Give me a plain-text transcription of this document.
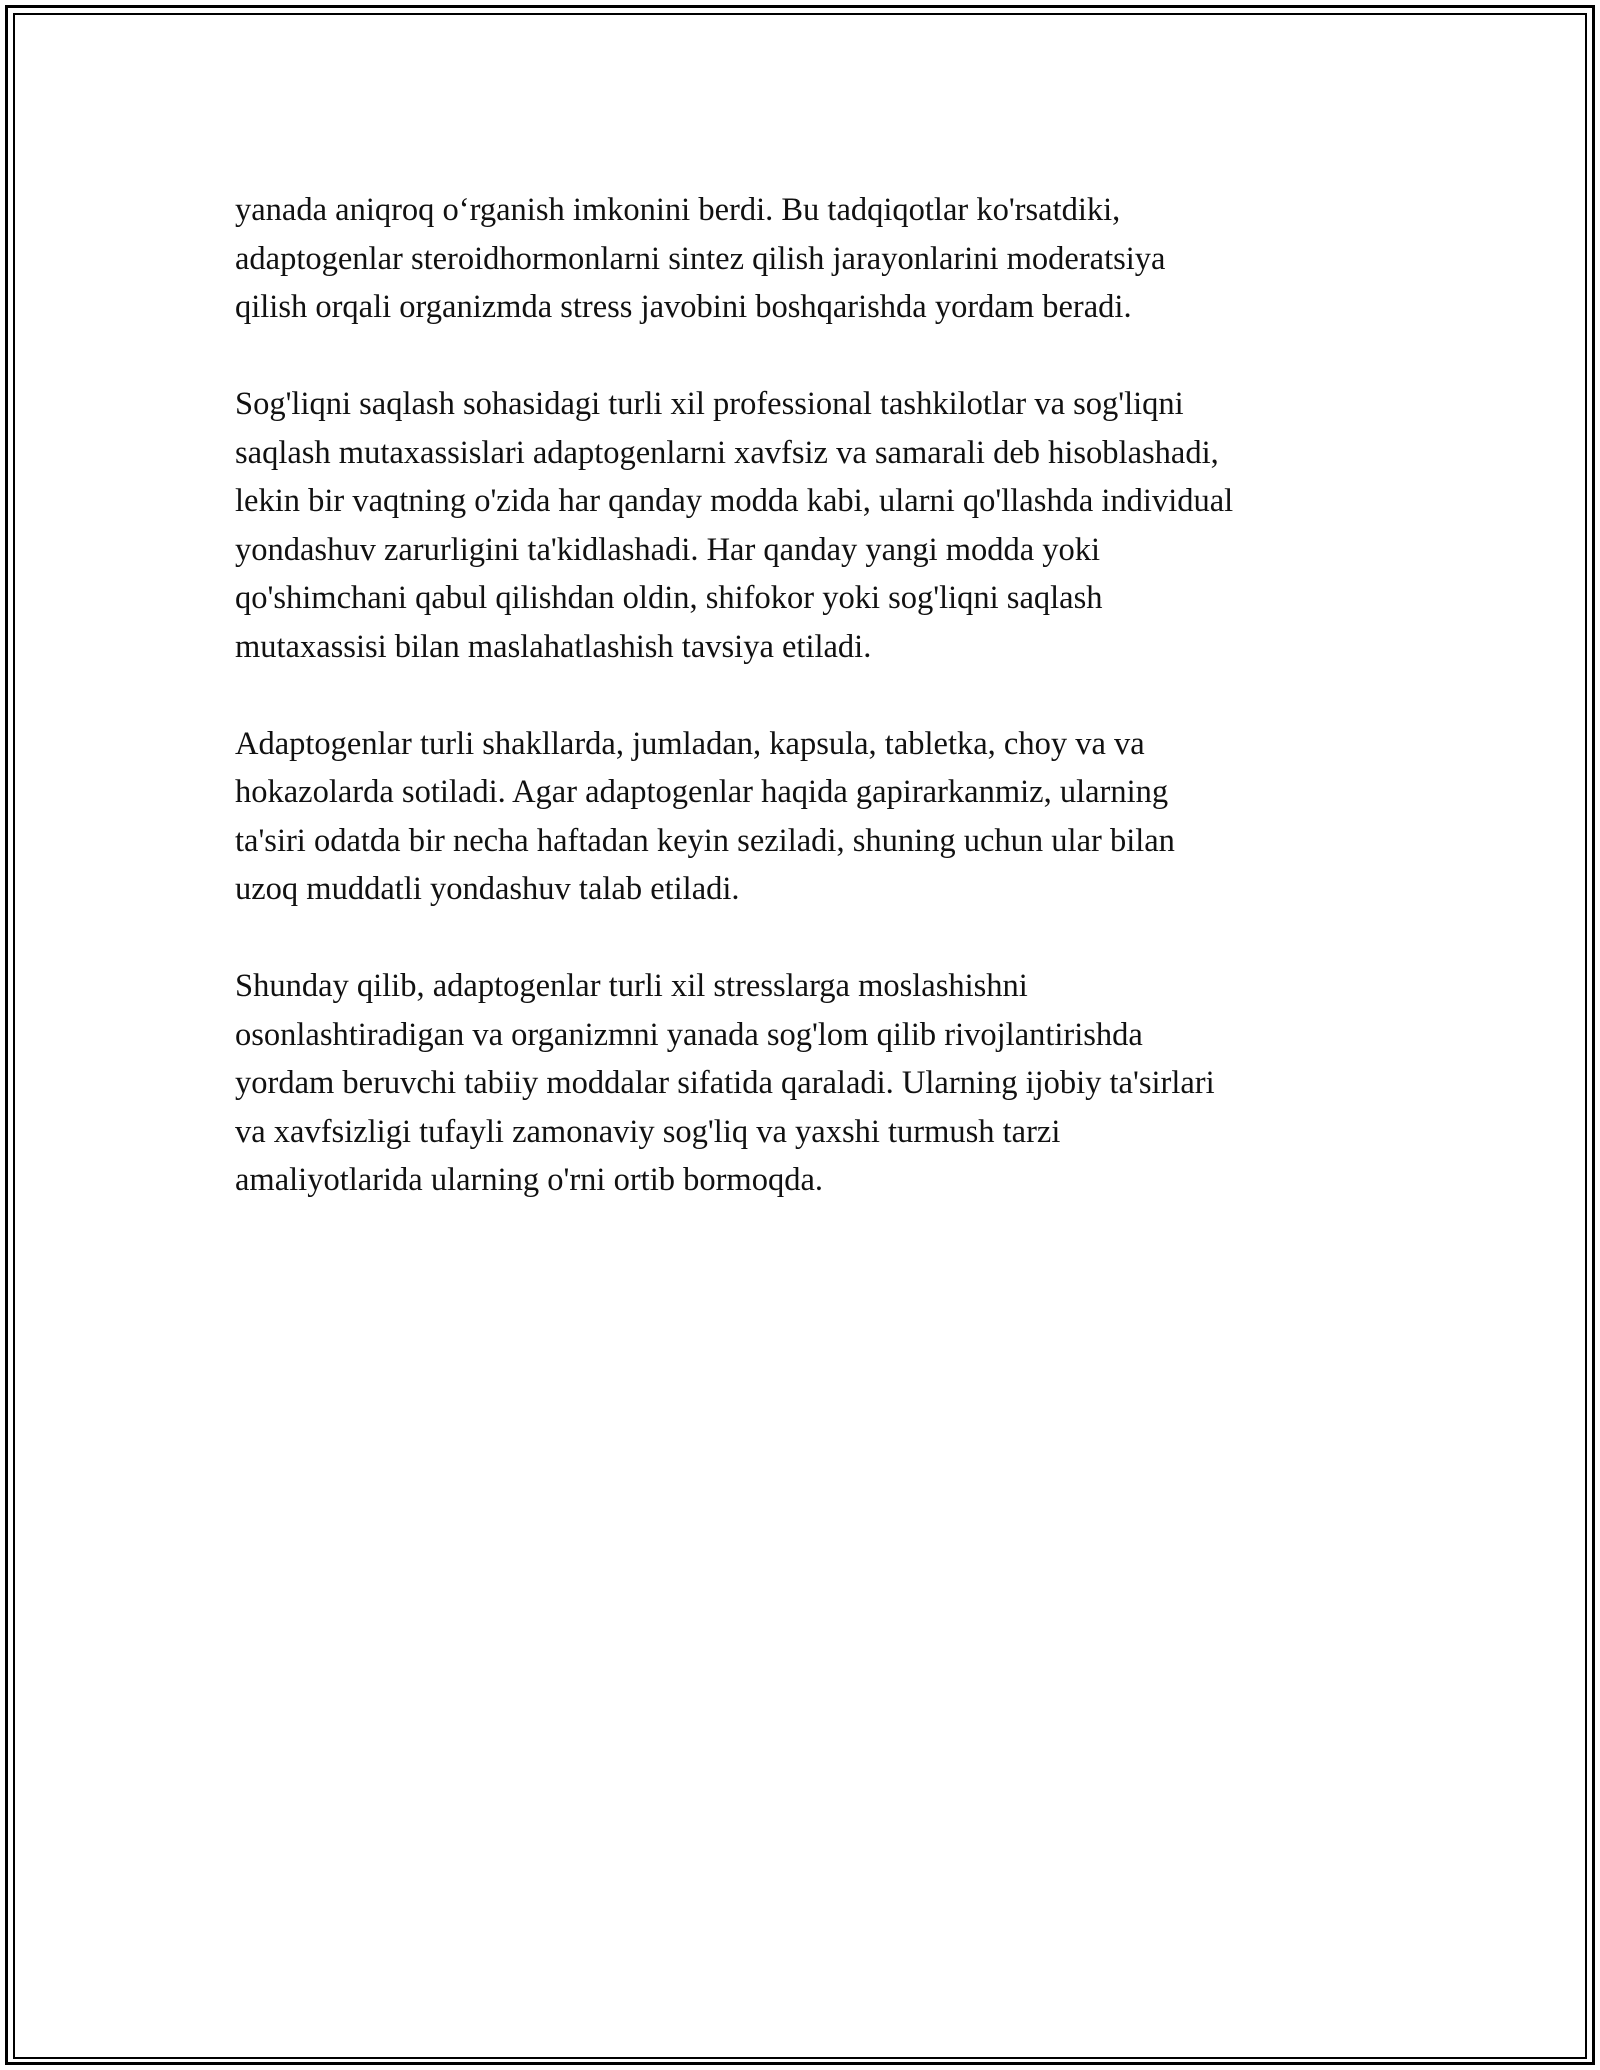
yanada aniqroq o‘rganish imkonini berdi. Bu tadqiqotlar ko'rsatdiki,
adaptogenlar steroidhormonlarni sintez qilish jarayonlarini moderatsiya
qilish orqali organizmda stress javobini boshqarishda yordam beradi.

Sog'liqni saqlash sohasidagi turli xil professional tashkilotlar va sog'liqni
saqlash mutaxassislari adaptogenlarni xavfsiz va samarali deb hisoblashadi,
lekin bir vaqtning o'zida har qanday modda kabi, ularni qo'llashda individual
yondashuv zarurligini ta'kidlashadi. Har qanday yangi modda yoki
qo'shimchani qabul qilishdan oldin, shifokor yoki sog'liqni saqlash
mutaxassisi bilan maslahatlashish tavsiya etiladi.

Adaptogenlar turli shakllarda, jumladan, kapsula, tabletka, choy va va
hokazolarda sotiladi. Agar adaptogenlar haqida gapirarkanmiz, ularning
ta'siri odatda bir necha haftadan keyin seziladi, shuning uchun ular bilan
uzoq muddatli yondashuv talab etiladi.

Shunday qilib, adaptogenlar turli xil stresslarga moslashishni
osonlashtiradigan va organizmni yanada sog'lom qilib rivojlantirishda
yordam beruvchi tabiiy moddalar sifatida qaraladi. Ularning ijobiy ta'sirlari
va xavfsizligi tufayli zamonaviy sog'liq va yaxshi turmush tarzi
amaliyotlarida ularning o'rni ortib bormoqda.
